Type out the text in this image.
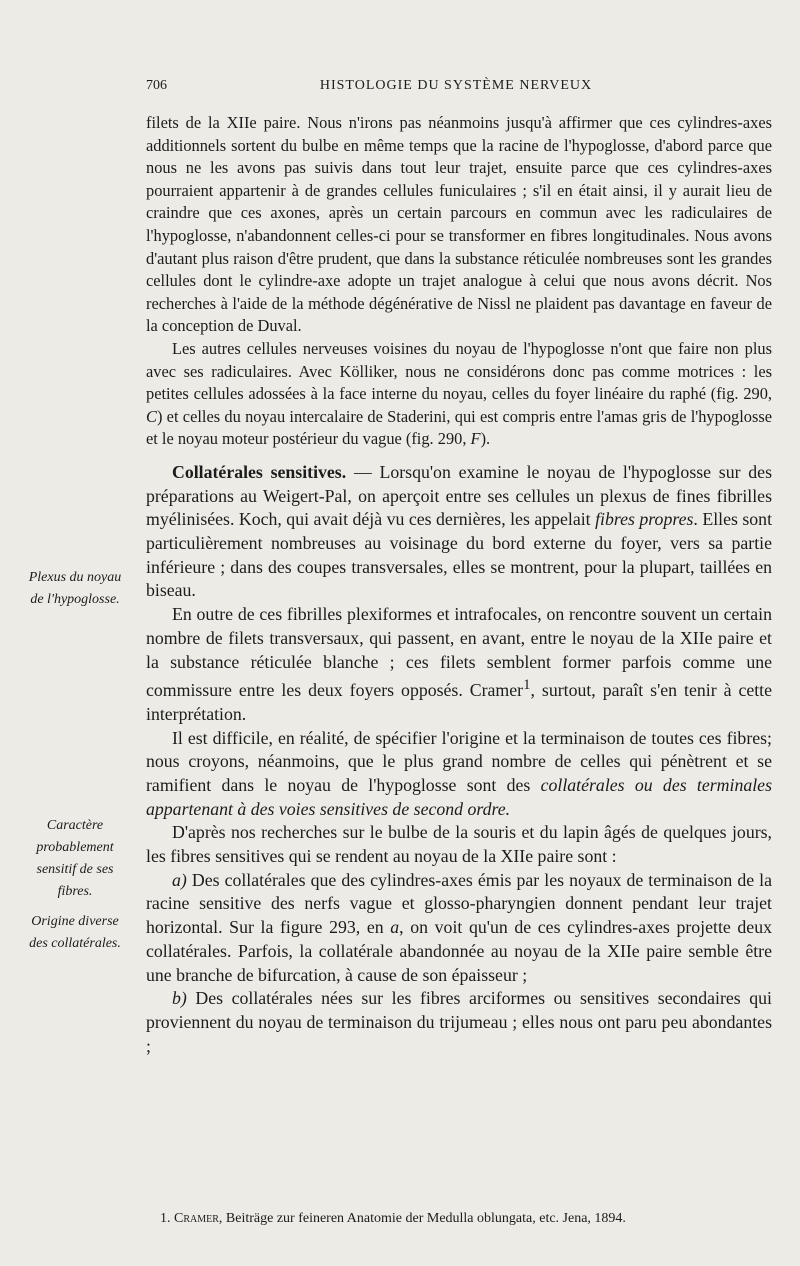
706	HISTOLOGIE DU SYSTÈME NERVEUX
Plexus du noyau de l'hypoglosse.
Caractère probablement sensitif de ses fibres.
Origine diverse des collatérales.

filets de la XIIe paire. Nous n'irons pas néanmoins jusqu'à affirmer que ces cylindres-axes additionnels sortent du bulbe en même temps que la racine de l'hypoglosse, d'abord parce que nous ne les avons pas suivis dans tout leur trajet, ensuite parce que ces cylindres-axes pourraient appartenir à de grandes cellules funiculaires ; s'il en était ainsi, il y aurait lieu de craindre que ces axones, après un certain parcours en commun avec les radiculaires de l'hypoglosse, n'abandonnent celles-ci pour se transformer en fibres longitudinales. Nous avons d'autant plus raison d'être prudent, que dans la substance réticulée nombreuses sont les grandes cellules dont le cylindre-axe adopte un trajet analogue à celui que nous avons décrit. Nos recherches à l'aide de la méthode dégénérative de Nissl ne plaident pas davantage en faveur de la conception de Duval.

Les autres cellules nerveuses voisines du noyau de l'hypoglosse n'ont que faire non plus avec ses radiculaires. Avec Kölliker, nous ne considérons donc pas comme motrices : les petites cellules adossées à la face interne du noyau, celles du foyer linéaire du raphé (fig. 290, C) et celles du noyau intercalaire de Staderini, qui est compris entre l'amas gris de l'hypoglosse et le noyau moteur postérieur du vague (fig. 290, F).

Collatérales sensitives. — Lorsqu'on examine le noyau de l'hypoglosse sur des préparations au Weigert-Pal, on aperçoit entre ses cellules un plexus de fines fibrilles myélinisées. Koch, qui avait déjà vu ces dernières, les appelait fibres propres. Elles sont particulièrement nombreuses au voisinage du bord externe du foyer, vers sa partie inférieure ; dans des coupes transversales, elles se montrent, pour la plupart, taillées en biseau.

En outre de ces fibrilles plexiformes et intrafocales, on rencontre souvent un certain nombre de filets transversaux, qui passent, en avant, entre le noyau de la XIIe paire et la substance réticulée blanche ; ces filets semblent former parfois comme une commissure entre les deux foyers opposés. Cramer$^1$, surtout, paraît s'en tenir à cette interprétation.

Il est difficile, en réalité, de spécifier l'origine et la terminaison de toutes ces fibres; nous croyons, néanmoins, que le plus grand nombre de celles qui pénètrent et se ramifient dans le noyau de l'hypoglosse sont des collatérales ou des terminales appartenant à des voies sensitives de second ordre.

D'après nos recherches sur le bulbe de la souris et du lapin âgés de quelques jours, les fibres sensitives qui se rendent au noyau de la XIIe paire sont :

a) Des collatérales que des cylindres-axes émis par les noyaux de terminaison de la racine sensitive des nerfs vague et glosso-pharyngien donnent pendant leur trajet horizontal. Sur la figure 293, en a, on voit qu'un de ces cylindres-axes projette deux collatérales. Parfois, la collatérale abandonnée au noyau de la XIIe paire semble être une branche de bifurcation, à cause de son épaisseur ;

b) Des collatérales nées sur les fibres arciformes ou sensitives secondaires qui proviennent du noyau de terminaison du trijumeau ; elles nous ont paru peu abondantes ;

1. Cramer, Beiträge zur feineren Anatomie der Medulla oblungata, etc. Jena, 1894.
